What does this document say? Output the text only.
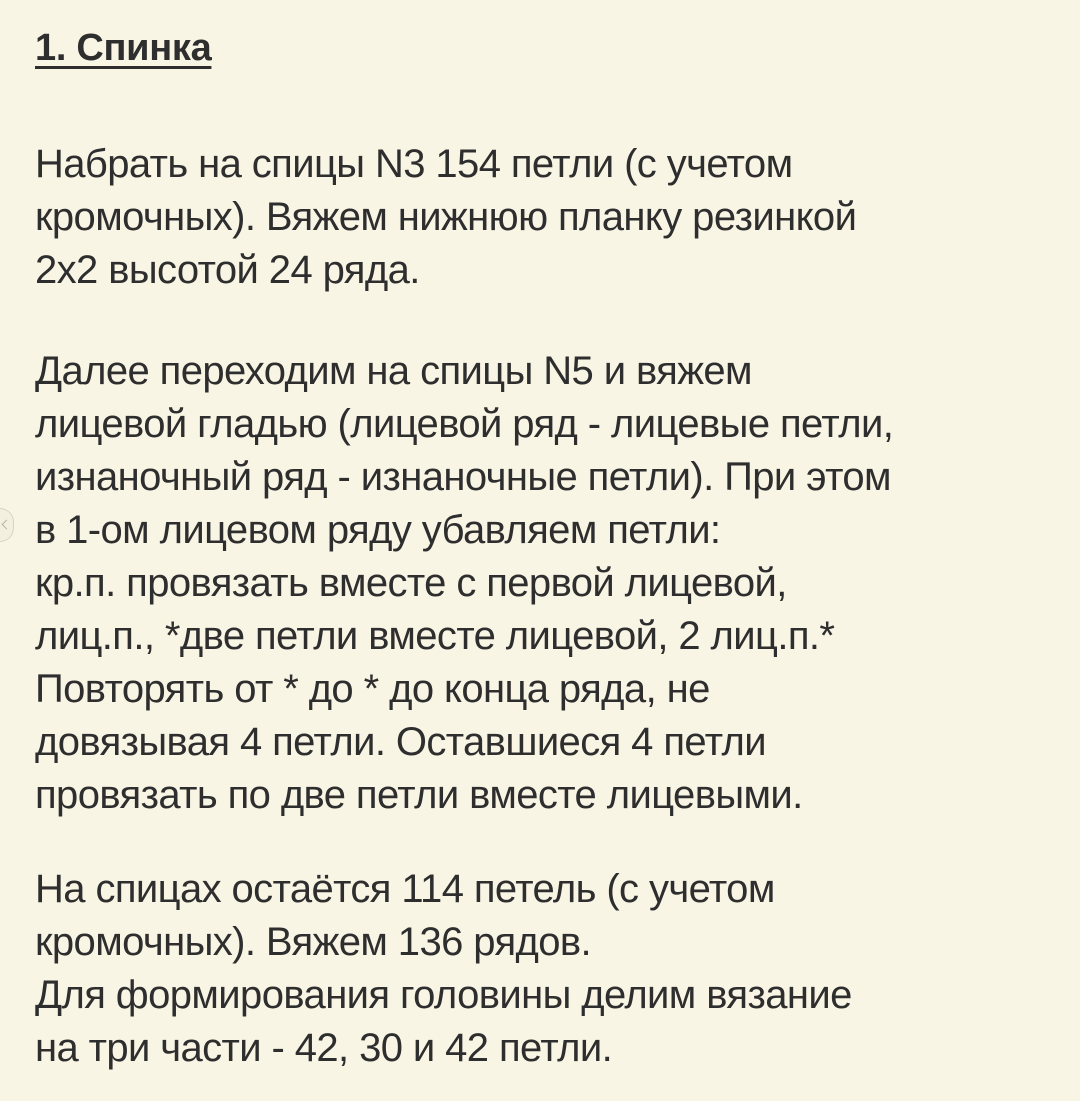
1. Спинка

Набрать на спицы N3 154 петли (с учетом
кромочных). Вяжем нижнюю планку резинкой
2х2 высотой 24 ряда.

Далее переходим на спицы N5 и вяжем
лицевой гладью (лицевой ряд - лицевые петли,
изнаночный ряд - изнаночные петли). При этом
в 1-ом лицевом ряду убавляем петли:
кр.п. провязать вместе с первой лицевой,
лиц.п., *две петли вместе лицевой, 2 лиц.п.*
Повторять от * до * до конца ряда, не
довязывая 4 петли. Оставшиеся 4 петли
провязать по две петли вместе лицевыми.

На спицах остаётся 114 петель (с учетом
кромочных). Вяжем 136 рядов.
Для формирования головины делим вязание
на три части - 42, 30 и 42 петли.
